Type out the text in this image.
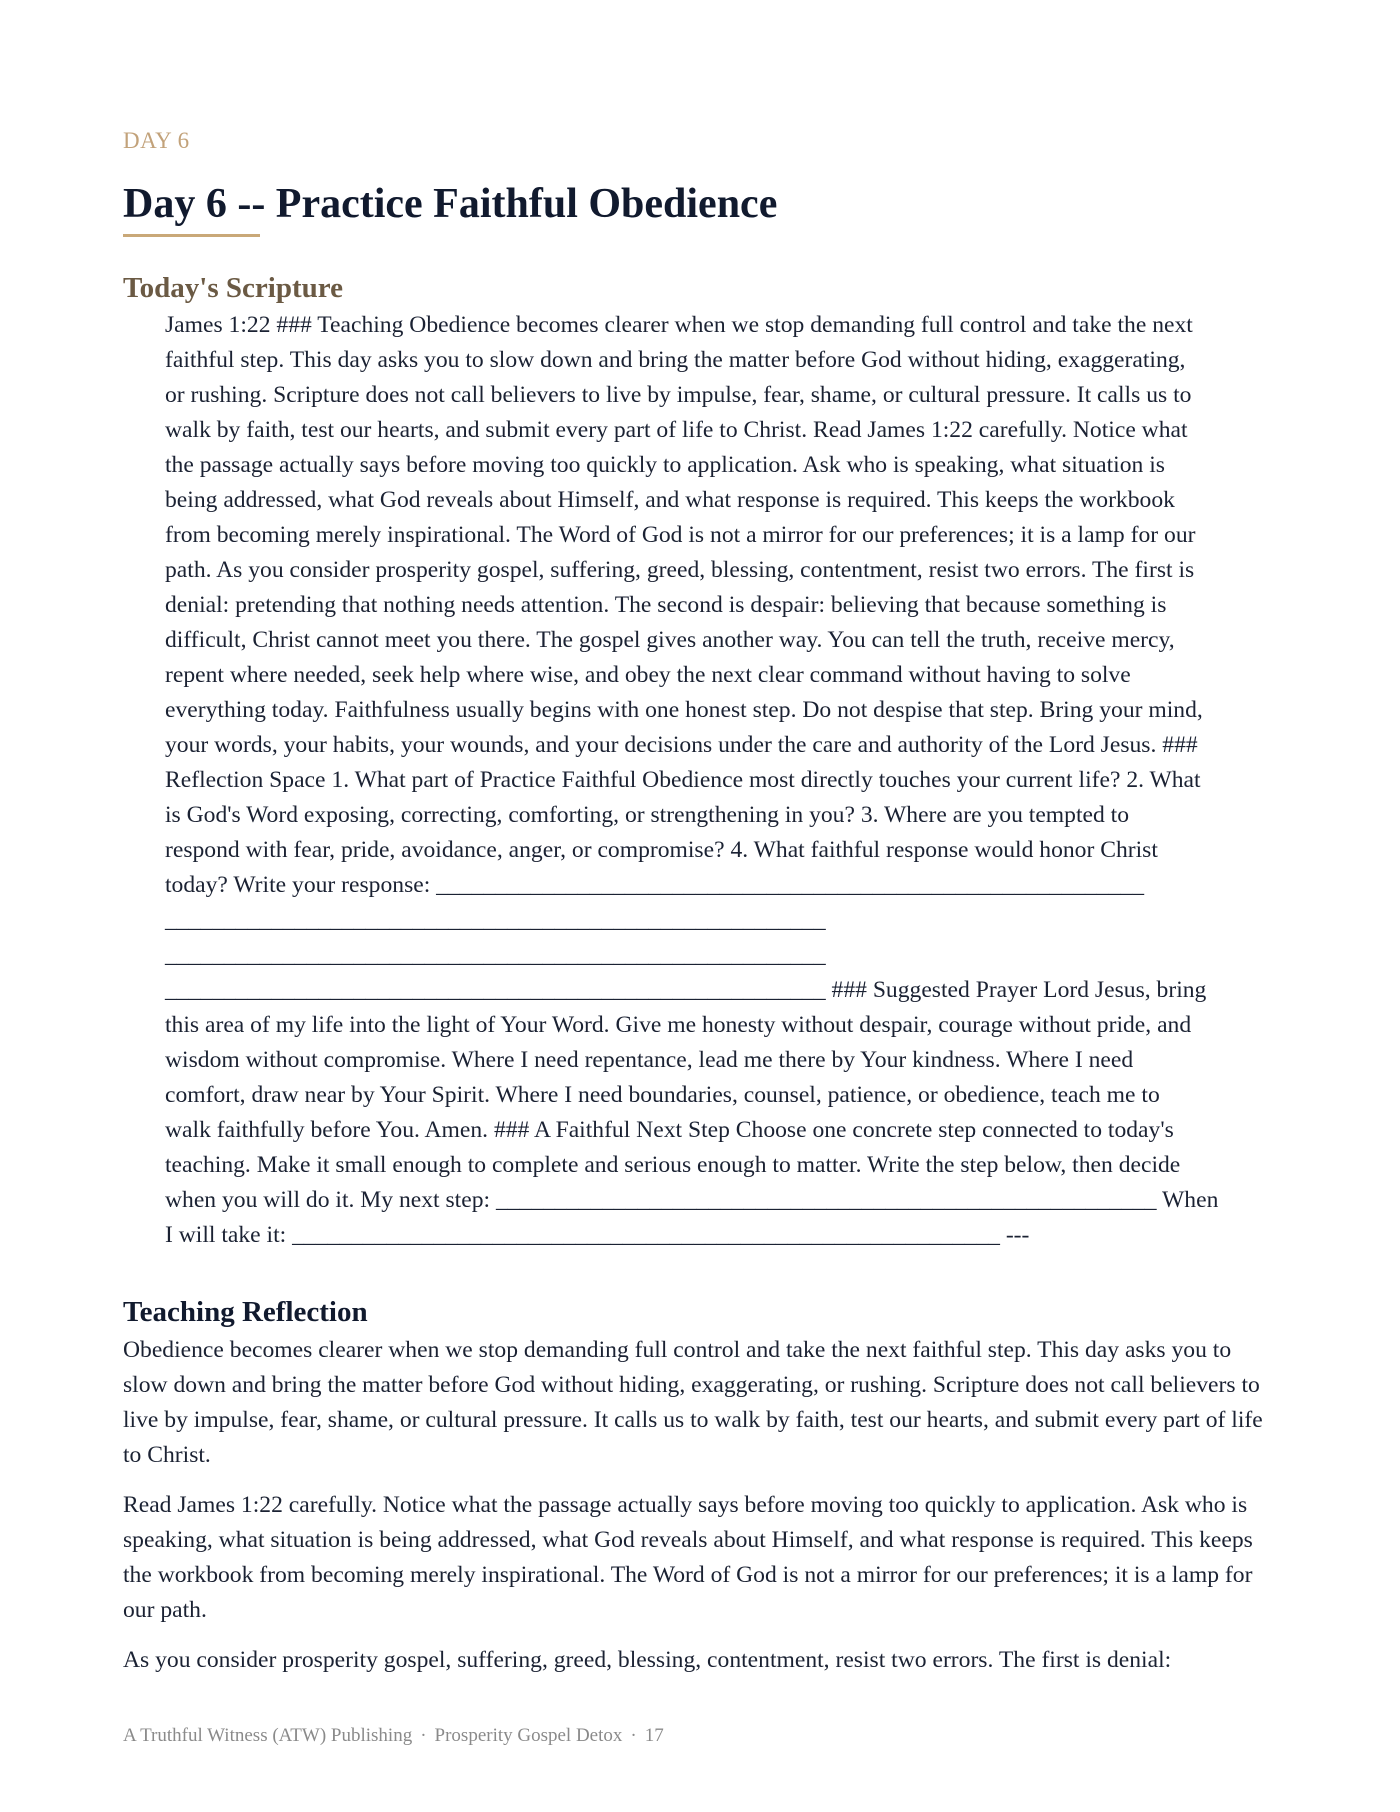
DAY 6

Day 6 -- Practice Faithful Obedience
Today's Scripture
James 1:22 ### Teaching Obedience becomes clearer when we stop demanding full control and take the next
faithful step. This day asks you to slow down and bring the matter before God without hiding, exaggerating,
or rushing. Scripture does not call believers to live by impulse, fear, shame, or cultural pressure. It calls us to
walk by faith, test our hearts, and submit every part of life to Christ. Read James 1:22 carefully. Notice what
the passage actually says before moving too quickly to application. Ask who is speaking, what situation is
being addressed, what God reveals about Himself, and what response is required. This keeps the workbook
from becoming merely inspirational. The Word of God is not a mirror for our preferences; it is a lamp for our
path. As you consider prosperity gospel, suffering, greed, blessing, contentment, resist two errors. The first is
denial: pretending that nothing needs attention. The second is despair: believing that because something is
difficult, Christ cannot meet you there. The gospel gives another way. You can tell the truth, receive mercy,
repent where needed, seek help where wise, and obey the next clear command without having to solve
everything today. Faithfulness usually begins with one honest step. Do not despise that step. Bring your mind,
your words, your habits, your wounds, and your decisions under the care and authority of the Lord Jesus. ###
Reflection Space 1. What part of Practice Faithful Obedience most directly touches your current life? 2. What
is God's Word exposing, correcting, comforting, or strengthening in you? 3. Where are you tempted to
respond with fear, pride, avoidance, anger, or compromise? 4. What faithful response would honor Christ
today? Write your response: ____________________________________________________________
________________________________________________________
________________________________________________________
________________________________________________________ ### Suggested Prayer Lord Jesus, bring
this area of my life into the light of Your Word. Give me honesty without despair, courage without pride, and
wisdom without compromise. Where I need repentance, lead me there by Your kindness. Where I need
comfort, draw near by Your Spirit. Where I need boundaries, counsel, patience, or obedience, teach me to
walk faithfully before You. Amen. ### A Faithful Next Step Choose one concrete step connected to today's
teaching. Make it small enough to complete and serious enough to matter. Write the step below, then decide
when you will do it. My next step: ________________________________________________________ When
I will take it: ____________________________________________________________ ---
Teaching Reflection

Obedience becomes clearer when we stop demanding full control and take the next faithful step. This day asks you to slow down and bring the matter before God without hiding, exaggerating, or rushing. Scripture does not call believers to live by impulse, fear, shame, or cultural pressure. It calls us to walk by faith, test our hearts, and submit every part of life to Christ.

Read James 1:22 carefully. Notice what the passage actually says before moving too quickly to application. Ask who is speaking, what situation is being addressed, what God reveals about Himself, and what response is required. This keeps the workbook from becoming merely inspirational. The Word of God is not a mirror for our preferences; it is a lamp for our path.

As you consider prosperity gospel, suffering, greed, blessing, contentment, resist two errors. The first is denial:

A Truthful Witness (ATW) Publishing · Prosperity Gospel Detox · 17
